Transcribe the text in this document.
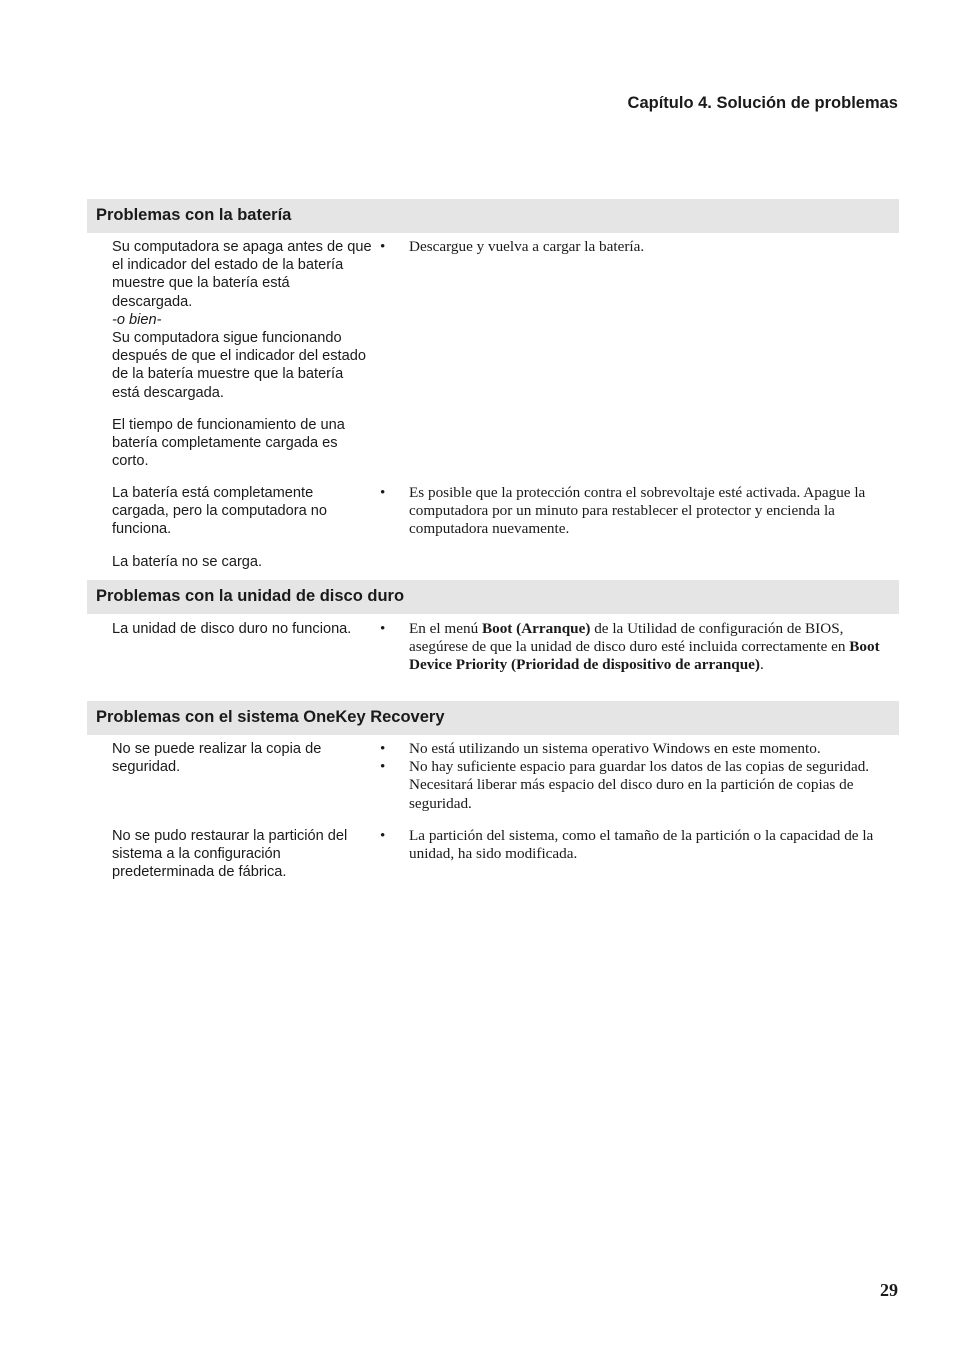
Capítulo 4. Solución de problemas
Problemas con la batería

Su computadora se apaga antes de que el indicador del estado de la batería muestre que la batería está descargada.

-o bien-

Su computadora sigue funcionando después de que el indicador del estado de la batería muestre que la batería está descargada.

El tiempo de funcionamiento de una batería completamente cargada es corto.

• Descargue y vuelva a cargar la batería.

La batería está completamente cargada, pero la computadora no funciona.

La batería no se carga.

• Es posible que la protección contra el sobrevoltaje esté activada. Apague la computadora por un minuto para restablecer el protector y encienda la computadora nuevamente.
Problemas con la unidad de disco duro

La unidad de disco duro no funciona.	• En el menú Boot (Arranque) de la Utilidad de configuración de BIOS, asegúrese de que la unidad de disco duro esté incluida correctamente en Boot Device Priority (Prioridad de dispositivo de arranque).
Problemas con el sistema OneKey Recovery

No se puede realizar la copia de seguridad.

• No está utilizando un sistema operativo Windows en este momento.
• No hay suficiente espacio para guardar los datos de las copias de seguridad. Necesitará liberar más espacio del disco duro en la partición de copias de seguridad.

No se pudo restaurar la partición del sistema a la configuración predeterminada de fábrica.

• La partición del sistema, como el tamaño de la partición o la capacidad de la unidad, ha sido modificada.
29
